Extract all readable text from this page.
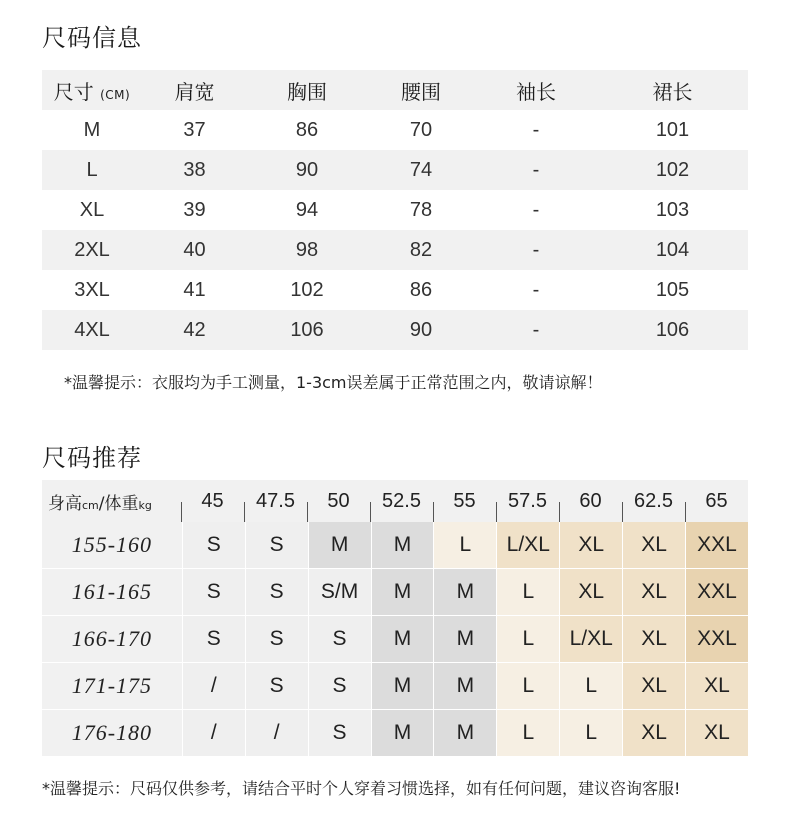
尺码信息
尺寸 (CM)	肩宽	胸围	腰围	袖长	裙长
M	37	86	70	-	101
L	38	90	74	-	102
XL	39	94	78	-	103
2XL	40	98	82	-	104
3XL	41	102	86	-	105
4XL	42	106	90	-	106
*温馨提示：衣服均为手工测量，1-3cm误差属于正常范围之内，敬请谅解！
尺码推荐
身高cm/体重kg	45	47.5	50	52.5	55	57.5	60	62.5	65
155-160	S	S	M	M	L	L/XL	XL	XL	XXL
161-165	S	S	S/M	M	M	L	XL	XL	XXL
166-170	S	S	S	M	M	L	L/XL	XL	XXL
171-175	/	S	S	M	M	L	L	XL	XL
176-180	/	/	S	M	M	L	L	XL	XL
*温馨提示：尺码仅供参考，请结合平时个人穿着习惯选择，如有任何问题，建议咨询客服!
